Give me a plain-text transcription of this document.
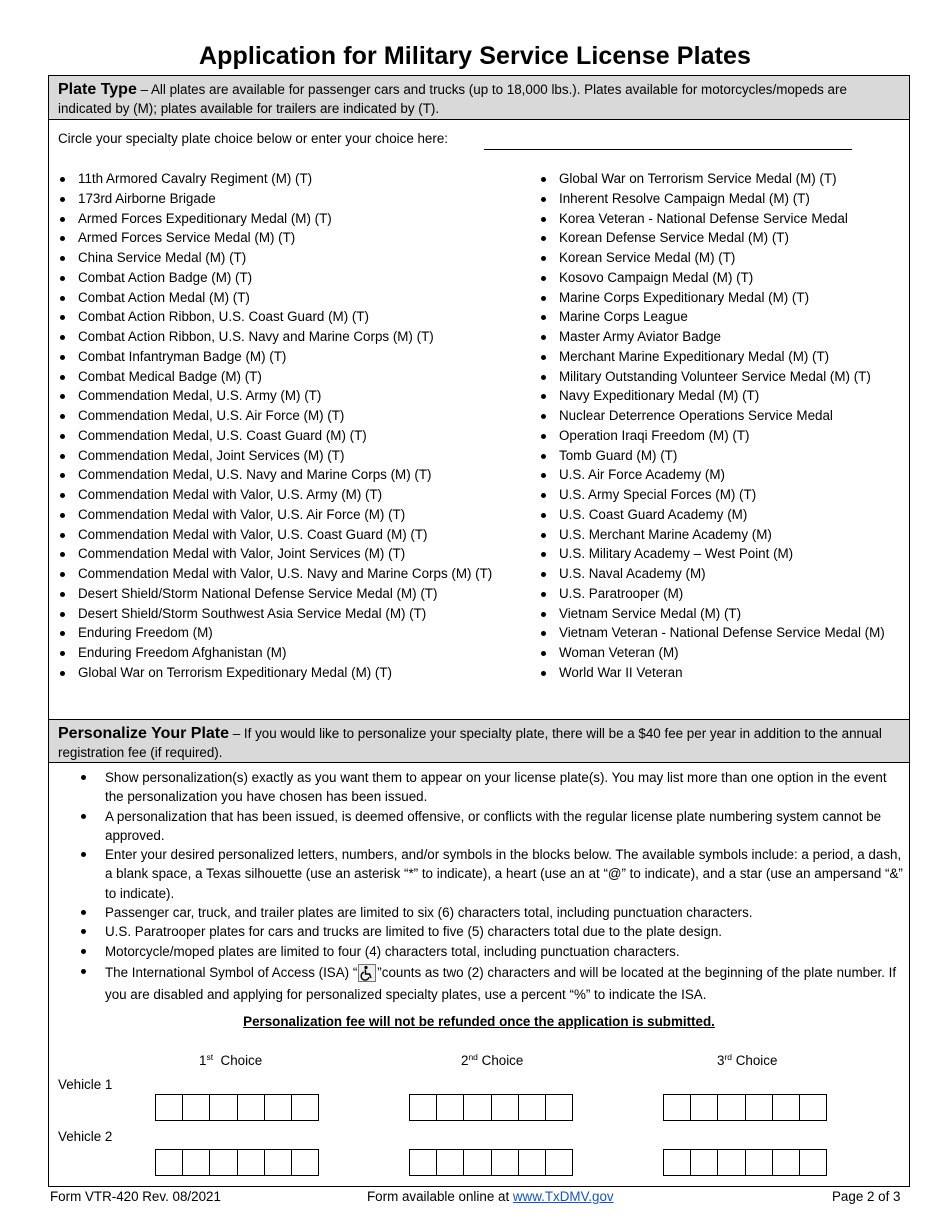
Application for Military Service License Plates
Plate Type – All plates are available for passenger cars and trucks (up to 18,000 lbs.). Plates available for motorcycles/mopeds are indicated by (M); plates available for trailers are indicated by (T).
Circle your specialty plate choice below or enter your choice here:
11th Armored Cavalry Regiment (M) (T)
173rd Airborne Brigade
Armed Forces Expeditionary Medal (M) (T)
Armed Forces Service Medal (M) (T)
China Service Medal (M) (T)
Combat Action Badge (M) (T)
Combat Action Medal (M) (T)
Combat Action Ribbon, U.S. Coast Guard (M) (T)
Combat Action Ribbon, U.S. Navy and Marine Corps (M) (T)
Combat Infantryman Badge (M) (T)
Combat Medical Badge (M) (T)
Commendation Medal, U.S. Army (M) (T)
Commendation Medal, U.S. Air Force (M) (T)
Commendation Medal, U.S. Coast Guard (M) (T)
Commendation Medal, Joint Services (M) (T)
Commendation Medal, U.S. Navy and Marine Corps (M) (T)
Commendation Medal with Valor, U.S. Army (M) (T)
Commendation Medal with Valor, U.S. Air Force (M) (T)
Commendation Medal with Valor, U.S. Coast Guard (M) (T)
Commendation Medal with Valor, Joint Services (M) (T)
Commendation Medal with Valor, U.S. Navy and Marine Corps (M) (T)
Desert Shield/Storm National Defense Service Medal (M) (T)
Desert Shield/Storm Southwest Asia Service Medal (M) (T)
Enduring Freedom (M)
Enduring Freedom Afghanistan (M)
Global War on Terrorism Expeditionary Medal (M) (T)
Global War on Terrorism Service Medal (M) (T)
Inherent Resolve Campaign Medal (M) (T)
Korea Veteran - National Defense Service Medal
Korean Defense Service Medal (M) (T)
Korean Service Medal (M) (T)
Kosovo Campaign Medal (M) (T)
Marine Corps Expeditionary Medal (M) (T)
Marine Corps League
Master Army Aviator Badge
Merchant Marine Expeditionary Medal (M) (T)
Military Outstanding Volunteer Service Medal (M) (T)
Navy Expeditionary Medal (M) (T)
Nuclear Deterrence Operations Service Medal
Operation Iraqi Freedom (M) (T)
Tomb Guard (M) (T)
U.S. Air Force Academy (M)
U.S. Army Special Forces (M) (T)
U.S. Coast Guard Academy (M)
U.S. Merchant Marine Academy (M)
U.S. Military Academy – West Point (M)
U.S. Naval Academy (M)
U.S. Paratrooper (M)
Vietnam Service Medal (M) (T)
Vietnam Veteran - National Defense Service Medal (M)
Woman Veteran (M)
World War II Veteran
Personalize Your Plate – If you would like to personalize your specialty plate, there will be a $40 fee per year in addition to the annual registration fee (if required).
Show personalization(s) exactly as you want them to appear on your license plate(s). You may list more than one option in the event the personalization you have chosen has been issued.
A personalization that has been issued, is deemed offensive, or conflicts with the regular license plate numbering system cannot be approved.
Enter your desired personalized letters, numbers, and/or symbols in the blocks below. The available symbols include: a period, a dash, a blank space, a Texas silhouette (use an asterisk “*” to indicate), a heart (use an at “@” to indicate), and a star (use an ampersand “&” to indicate).
Passenger car, truck, and trailer plates are limited to six (6) characters total, including punctuation characters.
U.S. Paratrooper plates for cars and trucks are limited to five (5) characters total due to the plate design.
Motorcycle/moped plates are limited to four (4) characters total, including punctuation characters.
The International Symbol of Access (ISA) “ ”counts as two (2) characters and will be located at the beginning of the plate number. If you are disabled and applying for personalized specialty plates, use a percent “%” to indicate the ISA.
Personalization fee will not be refunded once the application is submitted.
1st  Choice	2nd Choice	3rd Choice
Vehicle 1
Vehicle 2
Form VTR-420 Rev. 08/2021	Form available online at www.TxDMV.gov	Page 2 of 3
